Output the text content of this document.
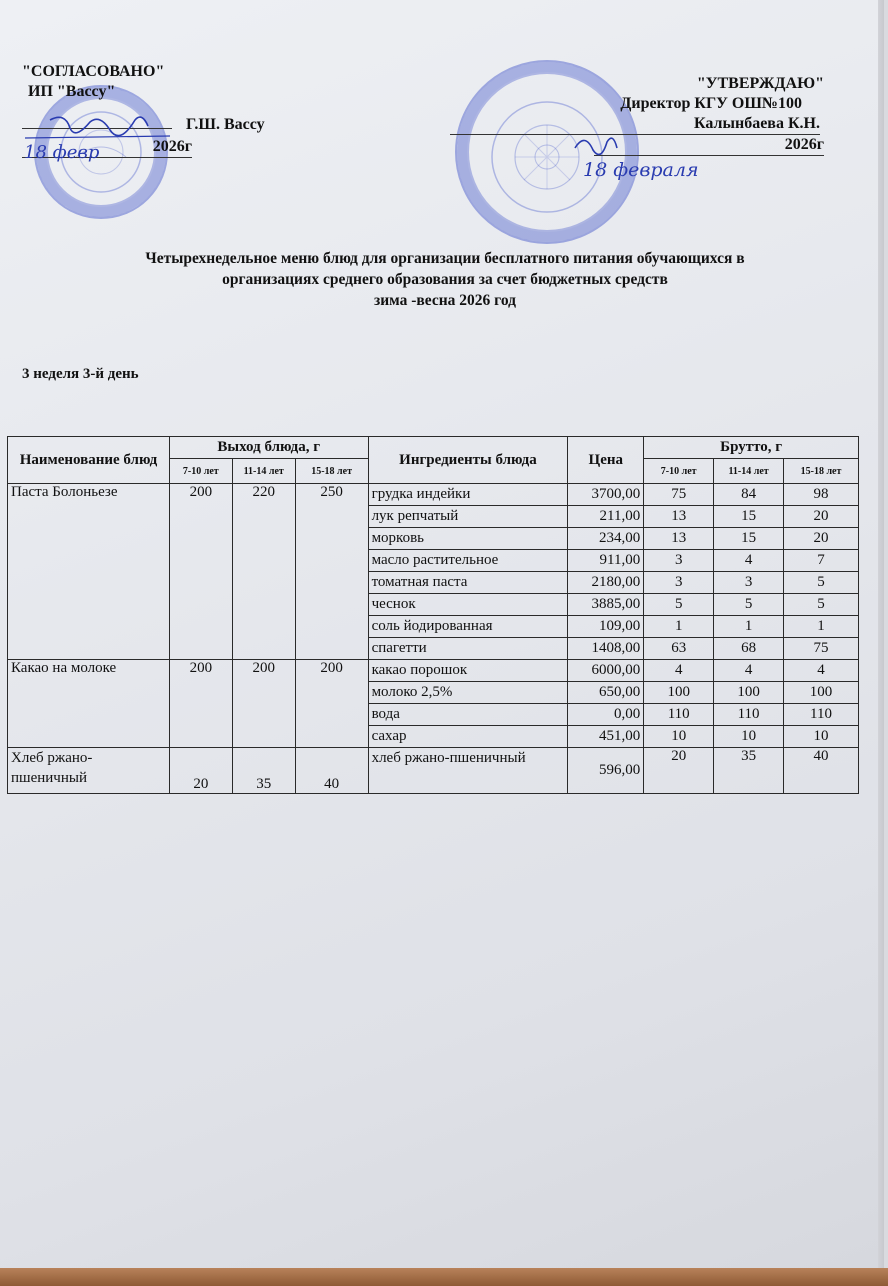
"СОГЛАСОВАНО"
ИП "Вассу"
Г.Ш. Вассу
2026г
"УТВЕРЖДАЮ"
Директор КГУ ОШ№100
Калынбаева К.Н.
2026г
18 февр
18 февраля
Четырехнедельное меню блюд для организации бесплатного питания обучающихся в
организациях среднего образования за счет бюджетных средств
зима -весна 2026 год
3 неделя 3-й день
Наименование блюд	Выход блюда, г			Ингредиенты блюда	Цена	Брутто, г		
	7-10 лет	11-14 лет	15-18 лет			7-10 лет	11-14 лет	15-18 лет
Паста Болоньезе	200	220	250	грудка индейки	3700,00	75	84	98
				лук репчатый	211,00	13	15	20
				морковь	234,00	13	15	20
				масло растительное	911,00	3	4	7
				томатная паста	2180,00	3	3	5
				чеснок	3885,00	5	5	5
				соль йодированная	109,00	1	1	1
				спагетти	1408,00	63	68	75
Какао на молоке	200	200	200	какао порошок	6000,00	4	4	4
				молоко 2,5%	650,00	100	100	100
				вода	0,00	110	110	110
				сахар	451,00	10	10	10
Хлеб ржано-пшеничный	20	35	40	хлеб ржано-пшеничный	596,00	20	35	40
